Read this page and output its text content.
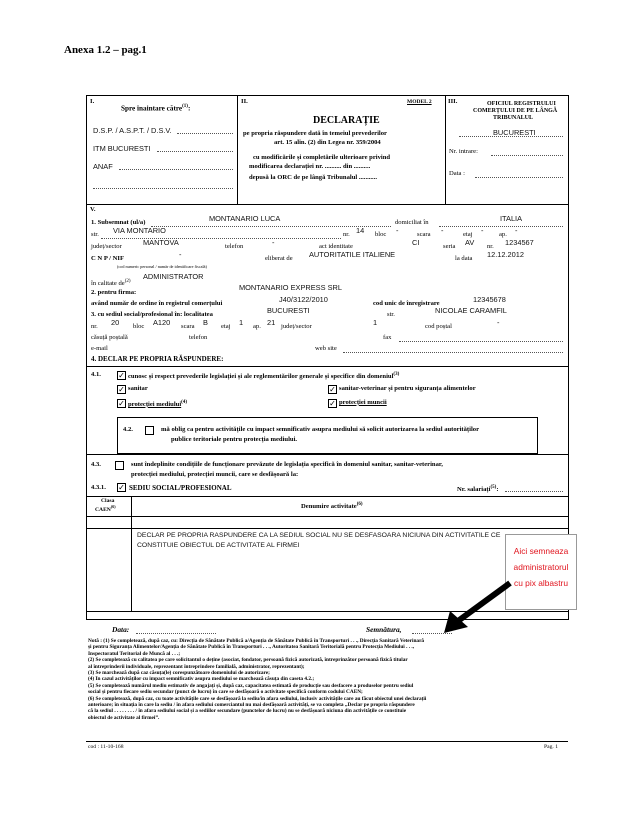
Anexa 1.2 – pag.1
I.
Spre înaintare către$^{(1)}$:
D.S.P. / A.S.P.T. / D.S.V.
ITM BUCURESTI
ANAF
II.	MODEL 2
DECLARAȚIE
pe propria răspundere dată în temeiul prevederilor
art. 15 alin. (2) din Legea nr. 359/2004
cu modificările și completările ulterioare privind
modificarea declarației nr. .......... din ..........
depusă la ORC de pe lângă Tribunalul ...........
III.	OFICIUL REGISTRULUI
COMERȚULUI DE PE LÂNGĂ
TRIBUNALUL
BUCURESTI
Nr. intrare:
Data :
V.
1. Subsemnat (ul/a)	MONTANARIO LUCA	domiciliat în	ITALIA
str. VIA MONTARIO	nr. 14 bloc -	scara -	etaj - ap. -
județ/sector	MANTOVA	telefon	-	act identitate	CI	seria AV nr. 1234567
C N P / NIF	-	eliberat de AUTORITATILE ITALIENE	la data 12.12.2012
(cod numeric personal / număr de identificare fiscală)
în calitate $de^{(2)}$
ADMINISTRATOR
2. pentru firma:
MONTANARIO EXPRESS SRL
având număr de ordine în registrul comerțului	J40/3122/2010	cod unic de înregistrare	12345678
3. cu sediul social/profesional în: localitatea	BUCURESTI	str.	NICOLAE CARAMFIL
nr. 20 bloc A120 scara B etaj 1 ap. 21 județ/sector	1	cod poștal	-
căsuță poștală	telefon	fax
e-mail	web site
4. DECLAR PE PROPRIA RĂSPUNDERE:
4.1. ✓ cunosc și respect prevederile legislației și ale reglementărilor generale și specifice din domeniul$^{(3)}$
✓ sanitar	✓ sanitar-veterinar și pentru siguranța alimentelor
✓ protecției mediului$^{(4)}$	✓ protecției muncii
4.2.	mă oblig ca pentru activitățile cu impact semnificativ asupra mediului să solicit autorizarea la sediul autorităților
publice teritoriale pentru protecția mediului.
4.3.	sunt îndeplinite condițiile de funcționare prevăzute de legislația specifică în domeniul sanitar, sanitar-veterinar,
protecției mediului, protecției muncii, care se desfășoară la:
4.3.1. ✓ SEDIU SOCIAL/PROFESIONAL	Nr. salariați$^{(5)}$:
Clasa
CAEN$^{(6)}$	Denumire activitate$^{(6)}$
DECLAR PE PROPRIA RASPUNDERE CA LA SEDIUL SOCIAL NU SE DESFASOARA NICIUNA DIN ACTIVITATILE CE
CONSTITUIE OBIECTUL DE ACTIVITATE AL FIRMEI
Data:	Semnătura,
Notă : (1) Se completează, după caz, cu: Direcția de Sănătate Publică a/Agenția de Sănătate Publică în Transporturi . . ., Direcția Sanitară Veterinară
și pentru Siguranța Alimentelor/Agenția de Sănătate Publică în Transporturi . . ., Autoritatea Sanitară Teritorială pentru Protecția Mediului . . .,
Inspectoratul Teritorial de Muncă al . . .;
(2) Se completează cu calitatea pe care solicitantul o deține (asociat, fondator, persoană fizică autorizată, întreprinzător persoană fizică titular
al întreprinderii individuale, reprezentant întreprindere familială, administrator, reprezentant);
(3) Se marchează după caz căsuța(le) corespunzătoare domeniului de autorizare;
(4) În cazul activităților cu impact semnificativ asupra mediului se marchează căsuța din caseta 4.2.;
(5) Se completează numărul mediu estimativ de angajați și, după caz, capacitatea estimată de producție sau desfacere a produselor pentru sediul
social și pentru fiecare sediu secundar (punct de lucru) în care se desfășoară o activitate specifică conform codului CAEN;
(6) Se completează, după caz, cu toate activitățile care se desfășoară la sediu/în afara sediului, inclusiv activitățile care au făcut obiectul unei declarații
anterioare; în situația în care la sediu / în afara sediului comerciantul nu mai desfășoară activități, se va completa „Declar pe propria răspundere
că la sediul . . . . . . . . / în afara sediului social și a sediilor secundare (punctelor de lucru) nu se desfășoară niciuna din activitățile ce constituie
obiectul de activitate al firmei”.
cod : 11-10-168	Pag. 1
Aici semneaza
administratorul
cu pix albastru
